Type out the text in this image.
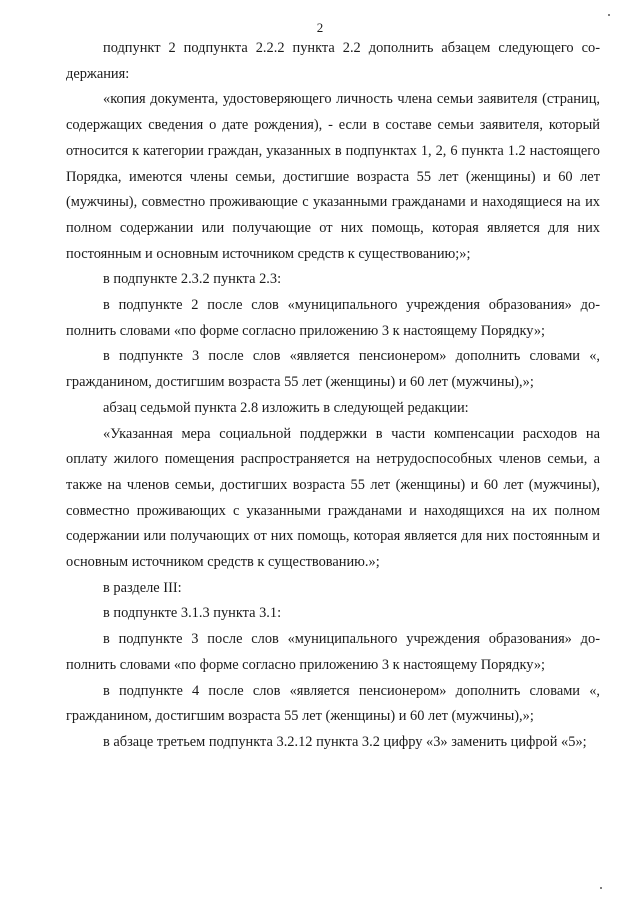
2

подпункт 2 подпункта 2.2.2 пункта 2.2 дополнить абзацем следующего содержания:

«копия документа, удостоверяющего личность члена семьи заявителя (страниц, содержащих сведения о дате рождения), - если в составе семьи заявителя, который относится к категории граждан, указанных в подпунктах 1, 2, 6 пункта 1.2 настоящего Порядка, имеются члены семьи, достигшие возраста 55 лет (женщины) и 60 лет (мужчины), совместно проживающие с указанными гражданами и находящиеся на их полном содержании или получающие от них помощь, которая является для них постоянным и основным источником средств к существованию;»;

в подпункте 2.3.2 пункта 2.3:

в подпункте 2 после слов «муниципального учреждения образования» дополнить словами «по форме согласно приложению 3 к настоящему Порядку»;

в подпункте 3 после слов «является пенсионером» дополнить словами «, гражданином, достигшим возраста 55 лет (женщины) и 60 лет (мужчины),»;

абзац седьмой пункта 2.8 изложить в следующей редакции:

«Указанная мера социальной поддержки в части компенсации расходов на оплату жилого помещения распространяется на нетрудоспособных членов семьи, а также на членов семьи, достигших возраста 55 лет (женщины) и 60 лет (мужчины), совместно проживающих с указанными гражданами и находящихся на их полном содержании или получающих от них помощь, которая является для них постоянным и основным источником средств к существованию.»;

в разделе III:

в подпункте 3.1.3 пункта 3.1:

в подпункте 3 после слов «муниципального учреждения образования» дополнить словами «по форме согласно приложению 3 к настоящему Порядку»;

в подпункте 4 после слов «является пенсионером» дополнить словами «, гражданином, достигшим возраста 55 лет (женщины) и 60 лет (мужчины),»;

в абзаце третьем подпункта 3.2.12 пункта 3.2 цифру «3» заменить цифрой «5»;
